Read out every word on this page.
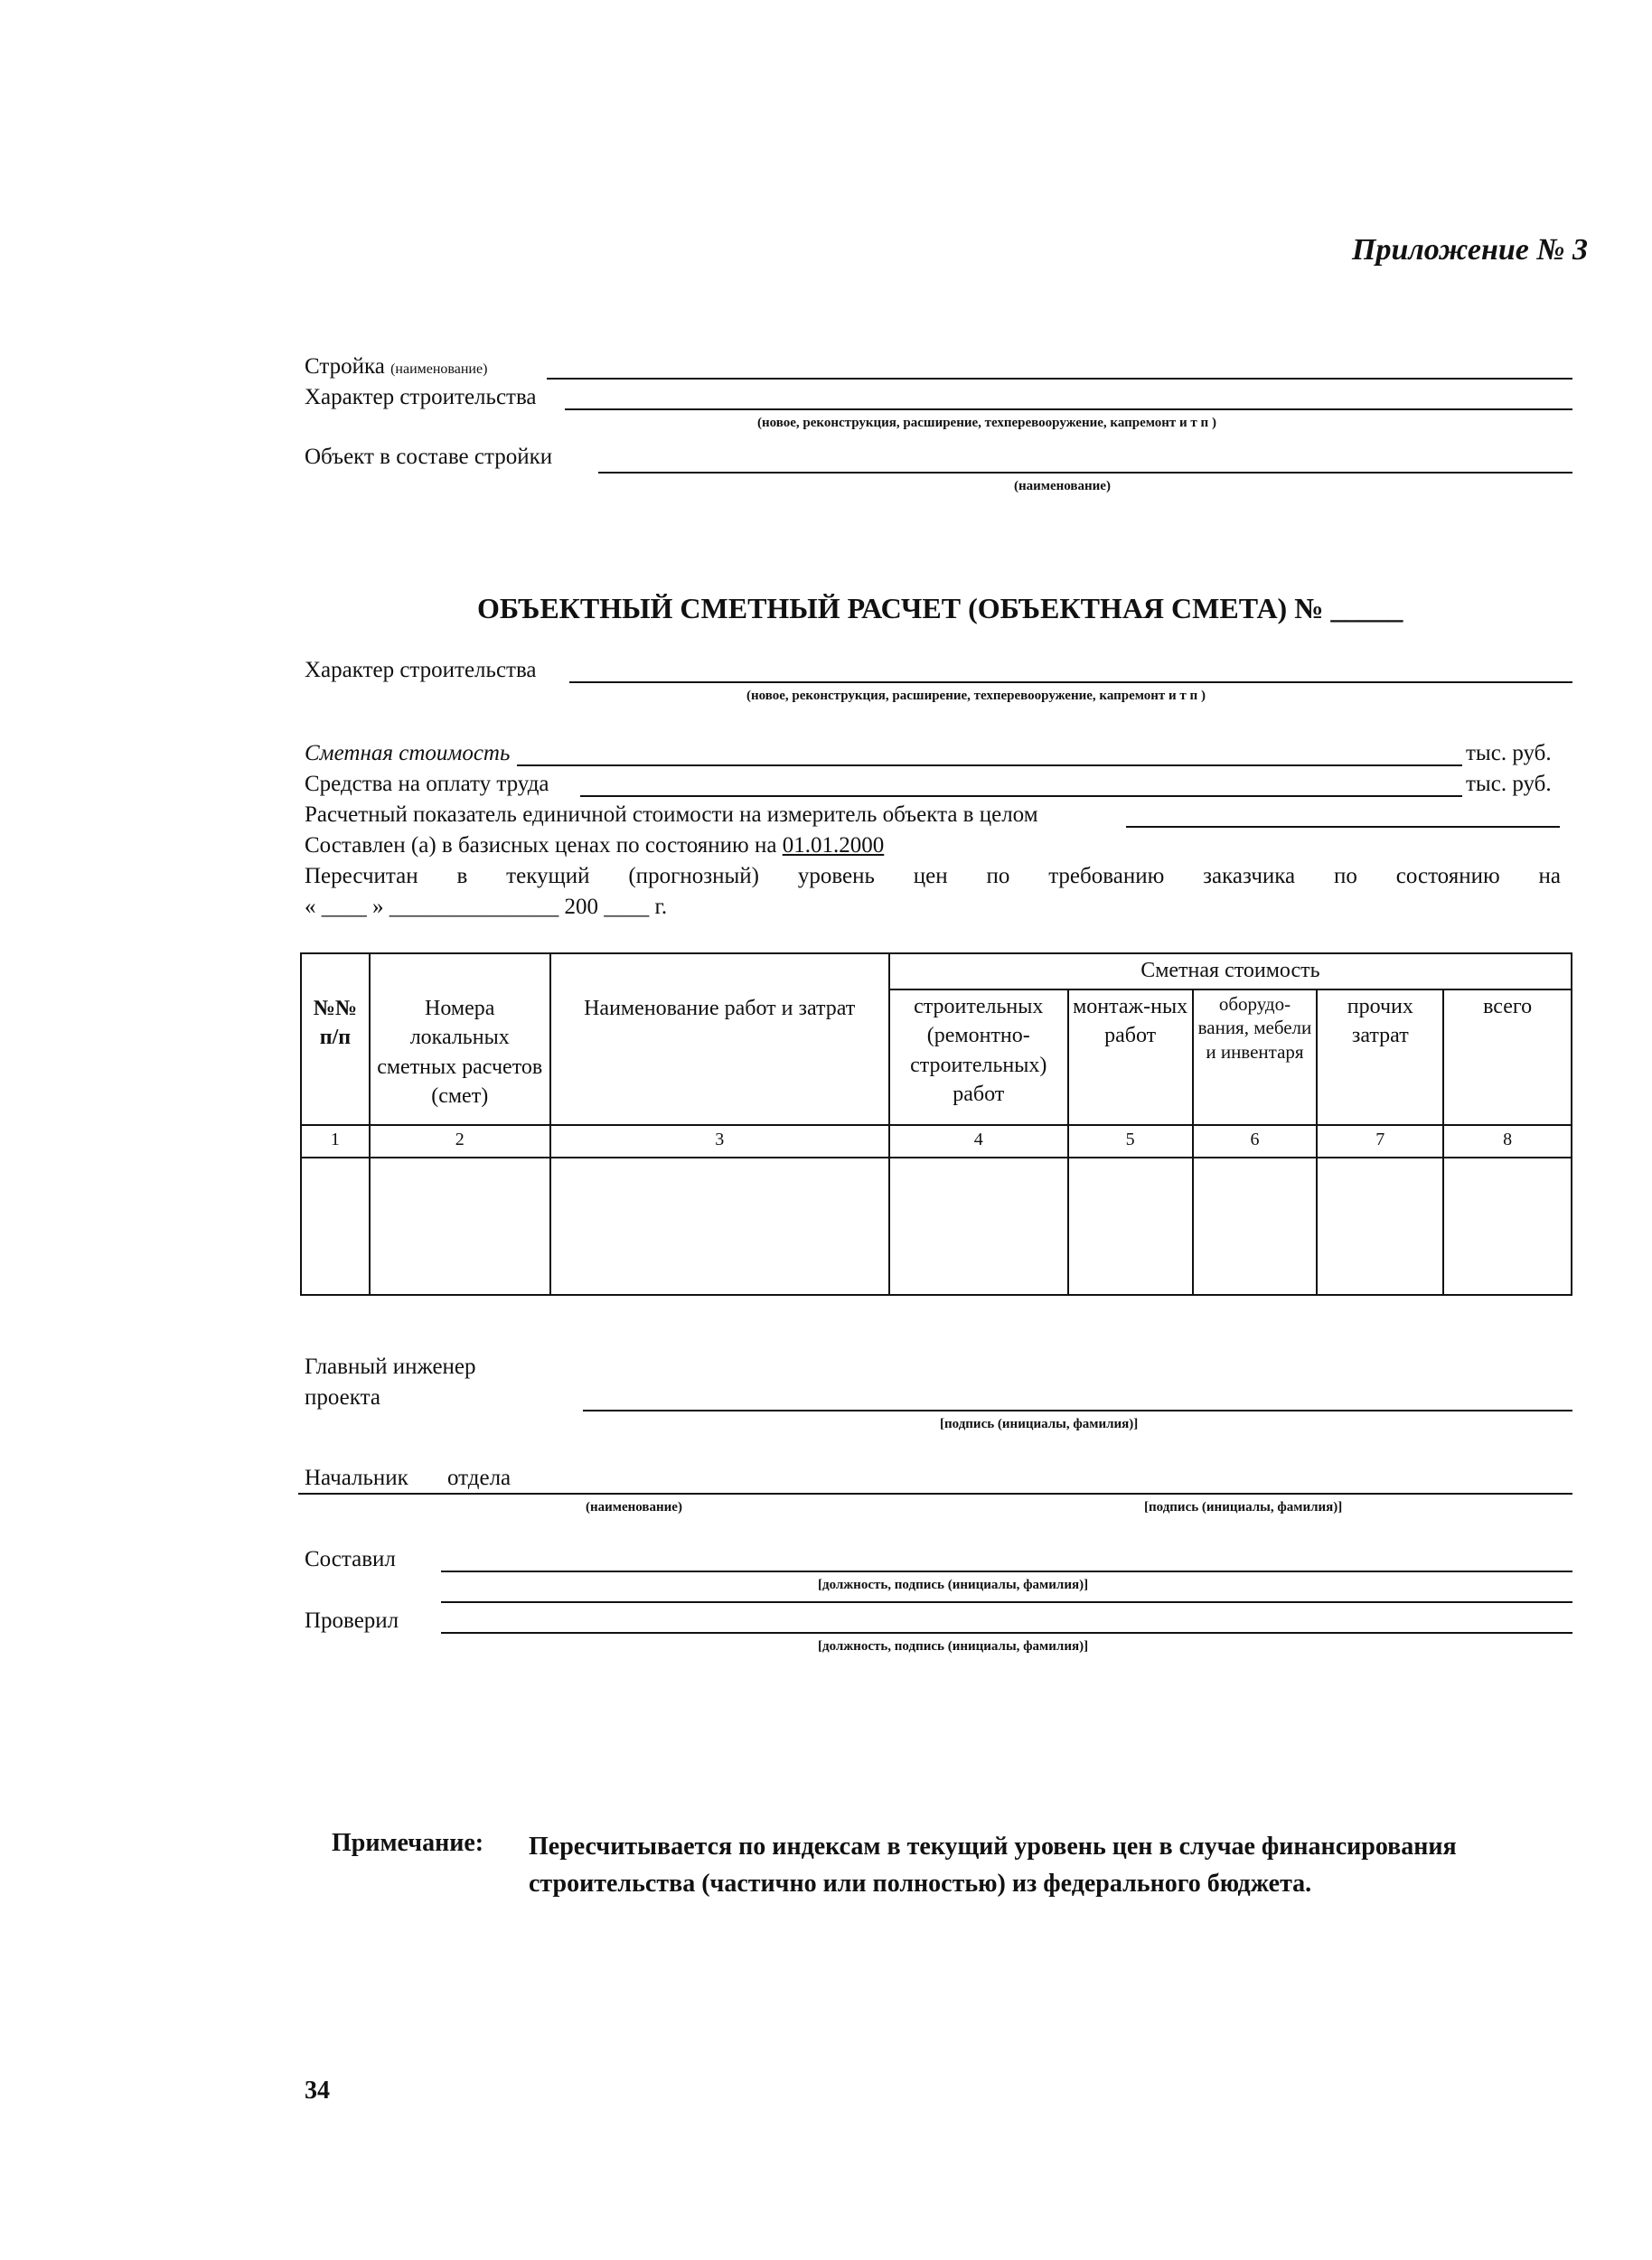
Приложение № 3
Стройка (наименование)
Характер строительства
(новое, реконструкция, расширение, техперевооружение, капремонт и т п )
Объект в составе стройки
(наименование)
ОБЪЕКТНЫЙ СМЕТНЫЙ РАСЧЕТ (ОБЪЕКТНАЯ СМЕТА) № _____
Характер строительства
(новое, реконструкция, расширение, техперевооружение, капремонт и т п )
Сметная стоимость	тыс. руб.
Средства на оплату труда	тыс. руб.
Расчетный показатель единичной стоимости на измеритель объекта в целом
Составлен (а) в базисных ценах по состоянию на 01.01.2000
Пересчитан в текущий (прогнозный) уровень цен по требованию заказчика по состоянию на
« ____ » _______________ 200 ____ г.
№№ п/п	Номера локальных сметных расчетов (смет)	Наименование работ и затрат	Сметная стоимость				
			строительных (ремонтно-строительных) работ	монтаж-ных работ	оборудо-вания, мебели и инвентаря	прочих затрат	всего
1	2	3	4	5	6	7	8

Главный инженер проекта
[подпись (инициалы, фамилия)]
Начальник отдела
(наименование)	[подпись (инициалы, фамилия)]
Составил
[должность, подпись (инициалы, фамилия)]
Проверил
[должность, подпись (инициалы, фамилия)]
Примечание: Пересчитывается по индексам в текущий уровень цен в случае финансирования строительства (частично или полностью) из федерального бюджета.
34
